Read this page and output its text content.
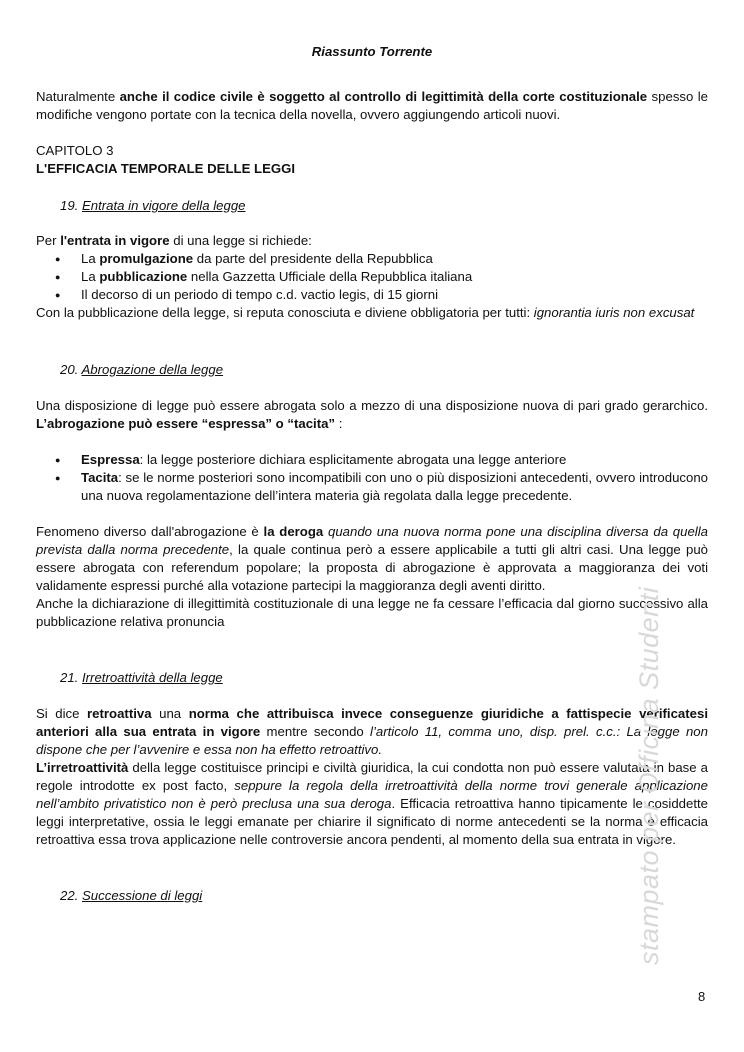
Riassunto Torrente
Naturalmente anche il codice civile è soggetto al controllo di legittimità della corte costituzionale spesso le modifiche vengono portate con la tecnica della novella, ovvero aggiungendo articoli nuovi.
CAPITOLO 3
L'EFFICACIA TEMPORALE DELLE LEGGI
19. Entrata in vigore della legge
Per l'entrata in vigore di una legge si richiede:
● La promulgazione da parte del presidente della Repubblica
● La pubblicazione nella Gazzetta Ufficiale della Repubblica italiana
● Il decorso di un periodo di tempo c.d. vactio legis, di 15 giorni
Con la pubblicazione della legge, si reputa conosciuta e diviene obbligatoria per tutti: ignorantia iuris non excusat
20. Abrogazione della legge
Una disposizione di legge può essere abrogata solo a mezzo di una disposizione nuova di pari grado gerarchico. L’abrogazione può essere “espressa” o “tacita” :
● Espressa: la legge posteriore dichiara esplicitamente abrogata una legge anteriore
● Tacita: se le norme posteriori sono incompatibili con uno o più disposizioni antecedenti, ovvero introducono una nuova regolamentazione dell’intera materia già regolata dalla legge precedente.
Fenomeno diverso dall'abrogazione è la deroga quando una nuova norma pone una disciplina diversa da quella prevista dalla norma precedente, la quale continua però a essere applicabile a tutti gli altri casi. Una legge può essere abrogata con referendum popolare; la proposta di abrogazione è approvata a maggioranza dei voti validamente espressi purché alla votazione partecipi la maggioranza degli aventi diritto.
Anche la dichiarazione di illegittimità costituzionale di una legge ne fa cessare l’efficacia dal giorno successivo alla pubblicazione relativa pronuncia
21. Irretroattività della legge
Si dice retroattiva una norma che attribuisca invece conseguenze giuridiche a fattispecie verificatesi anteriori alla sua entrata in vigore mentre secondo l’articolo 11, comma uno, disp. prel. c.c.: La legge non dispone che per l’avvenire e essa non ha effetto retroattivo.
L’irretroattività della legge costituisce principi e civiltà giuridica, la cui condotta non può essere valutata in base a regole introdotte ex post facto, seppure la regola della irretroattività della norme trovi generale applicazione nell’ambito privatistico non è però preclusa una sua deroga. Efficacia retroattiva hanno tipicamente le cosiddette leggi interpretative, ossia le leggi emanate per chiarire il significato di norme antecedenti se la norma è efficacia retroattiva essa trova applicazione nelle controversie ancora pendenti, al momento della sua entrata in vigore.
22. Successione di leggi	stampato per Officina Studenti
8
